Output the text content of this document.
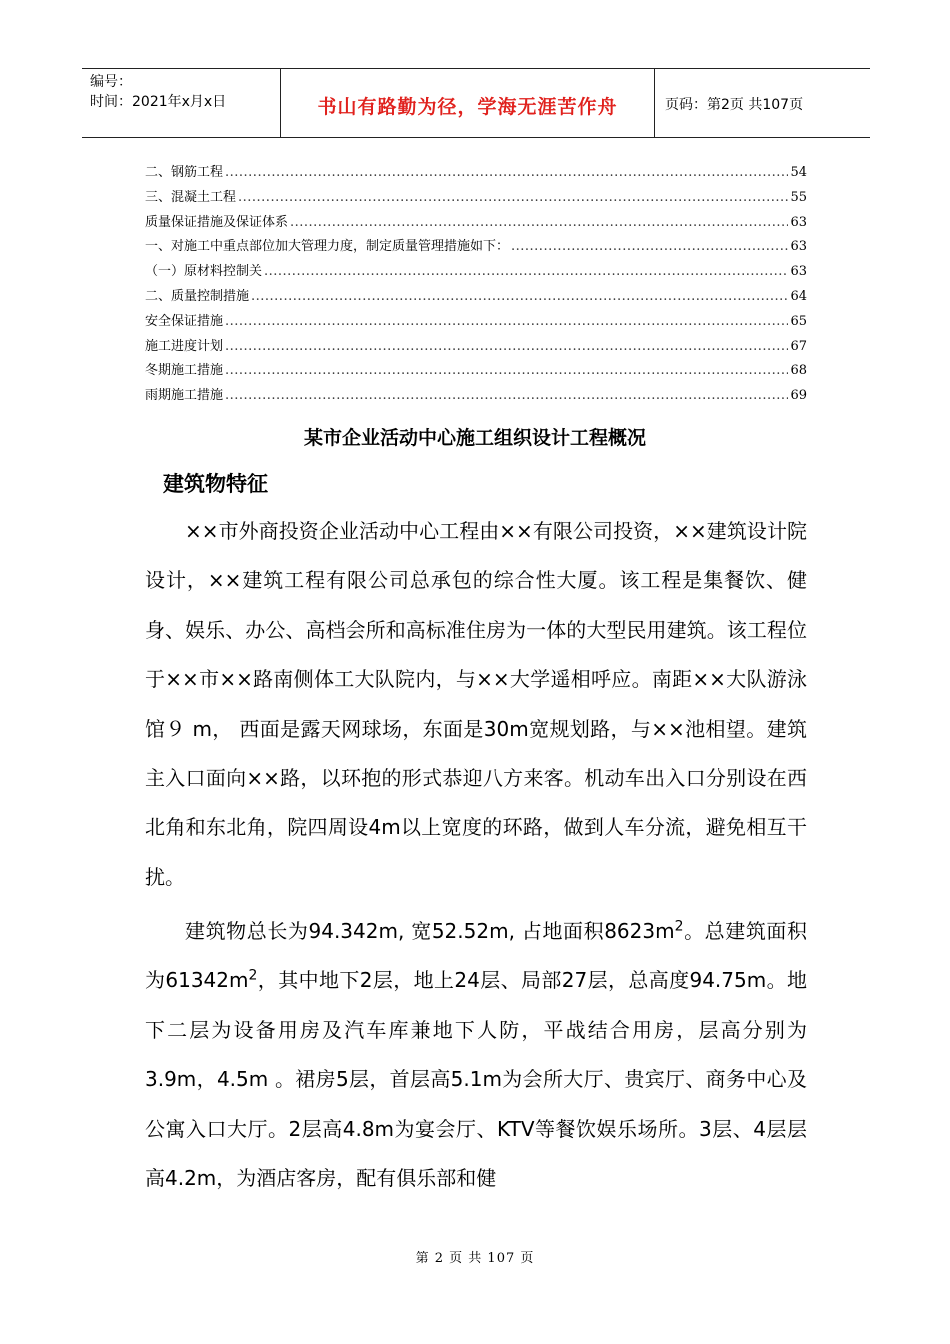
编号：
时间：2021年x月x日	书山有路勤为径，学海无涯苦作舟	页码：第2页 共107页
二、钢筋工程 .....	54
三、混凝土工程 .....	55
质量保证措施及保证体系 .....	63
一、对施工中重点部位加大管理力度，制定质量管理措施如下： .....	63
（一）原材料控制关 .....	63
二、质量控制措施 .....	64
安全保证措施 .....	65
施工进度计划 .....	67
冬期施工措施 .....	68
雨期施工措施 .....	69
某市企业活动中心施工组织设计工程概况
建筑物特征

××市外商投资企业活动中心工程由××有限公司投资，××建筑设计院设计，××建筑工程有限公司总承包的综合性大厦。该工程是集餐饮、健身、娱乐、办公、高档会所和高标准住房为一体的大型民用建筑。该工程位于××市××路南侧体工大队院内，与××大学遥相呼应。南距××大队游泳馆９ m， 西面是露天网球场，东面是30m宽规划路，与××池相望。建筑主入口面向××路，以环抱的形式恭迎八方来客。机动车出入口分别设在西北角和东北角，院四周设4m以上宽度的环路，做到人车分流，避免相互干扰。

建筑物总长为94.342m, 宽52.52m, 占地面积$8623m^2$。总建筑面积为$61342m^2$，其中地下2层，地上24层、局部27层，总高度94.75m。地下二层为设备用房及汽车库兼地下人防，平战结合用房，层高分别为3.9m，4.5m 。裙房5层，首层高5.1m为会所大厅、贵宾厅、商务中心及公寓入口大厅。2层高4.8m为宴会厅、KTV等餐饮娱乐场所。3层、4层层高4.2m，为酒店客房，配有俱乐部和健

第 2 页 共 107 页
